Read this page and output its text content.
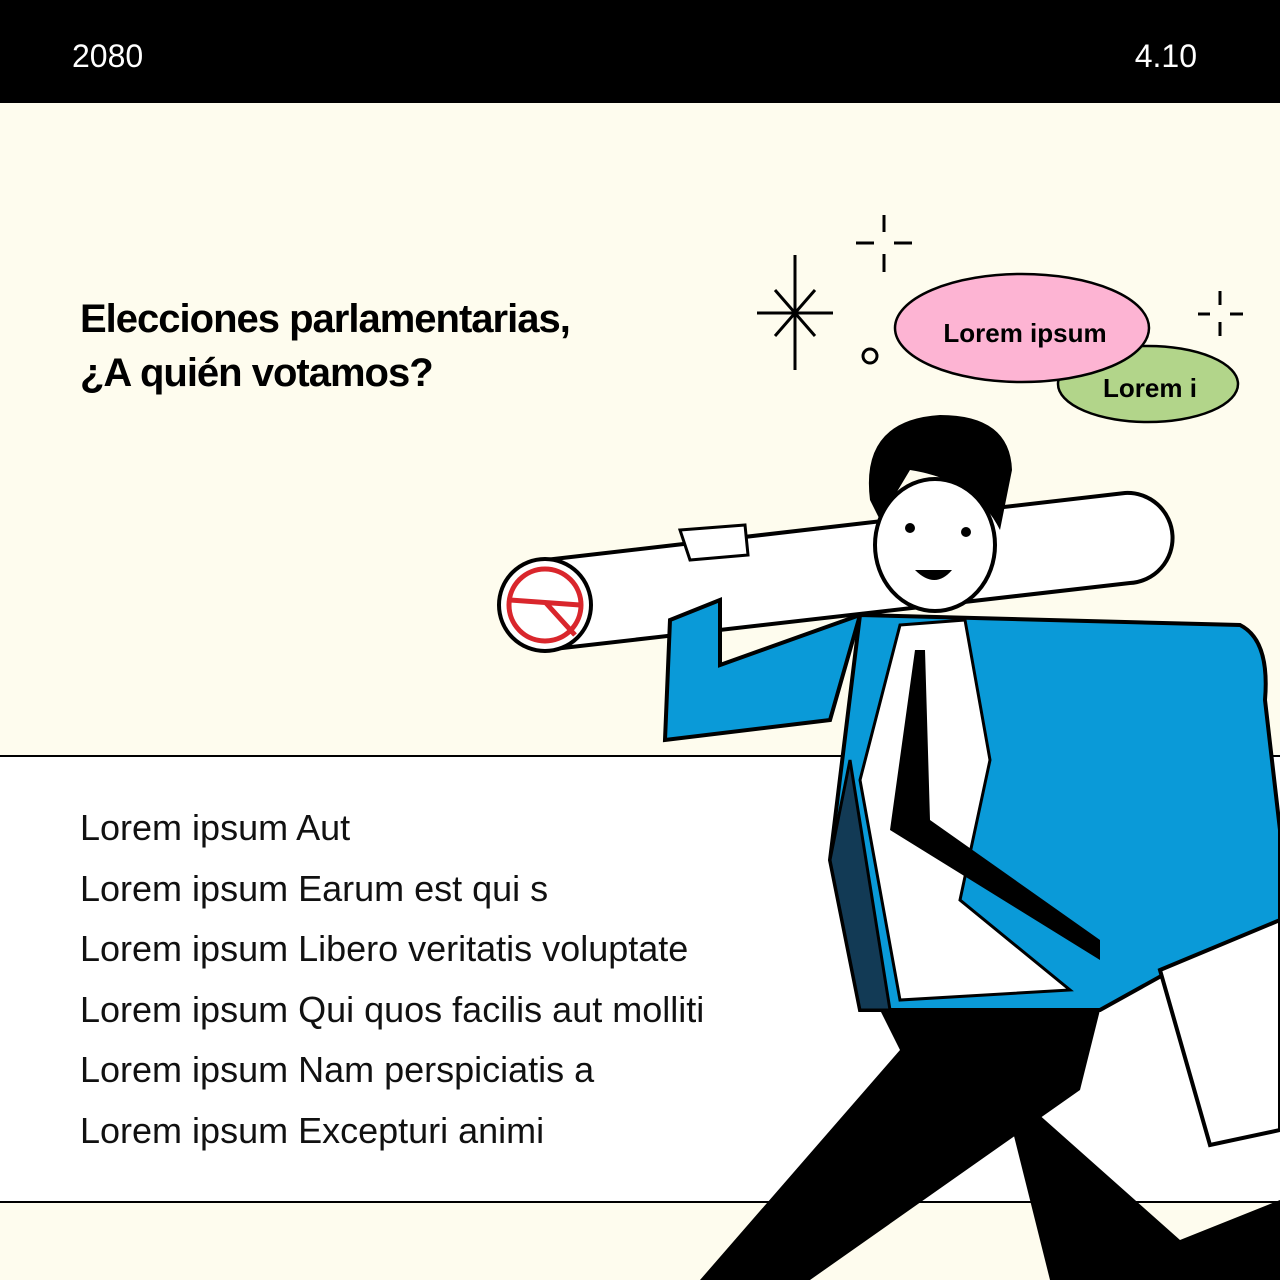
2080	4.10
Elecciones parlamentarias,
¿A quién votamos?
Lorem ipsum Aut
Lorem ipsum Earum est qui s
Lorem ipsum Libero veritatis voluptate
Lorem ipsum Qui quos facilis aut molliti
Lorem ipsum Nam perspiciatis a
Lorem ipsum Excepturi animi
Lorem ipsum
Lorem i
